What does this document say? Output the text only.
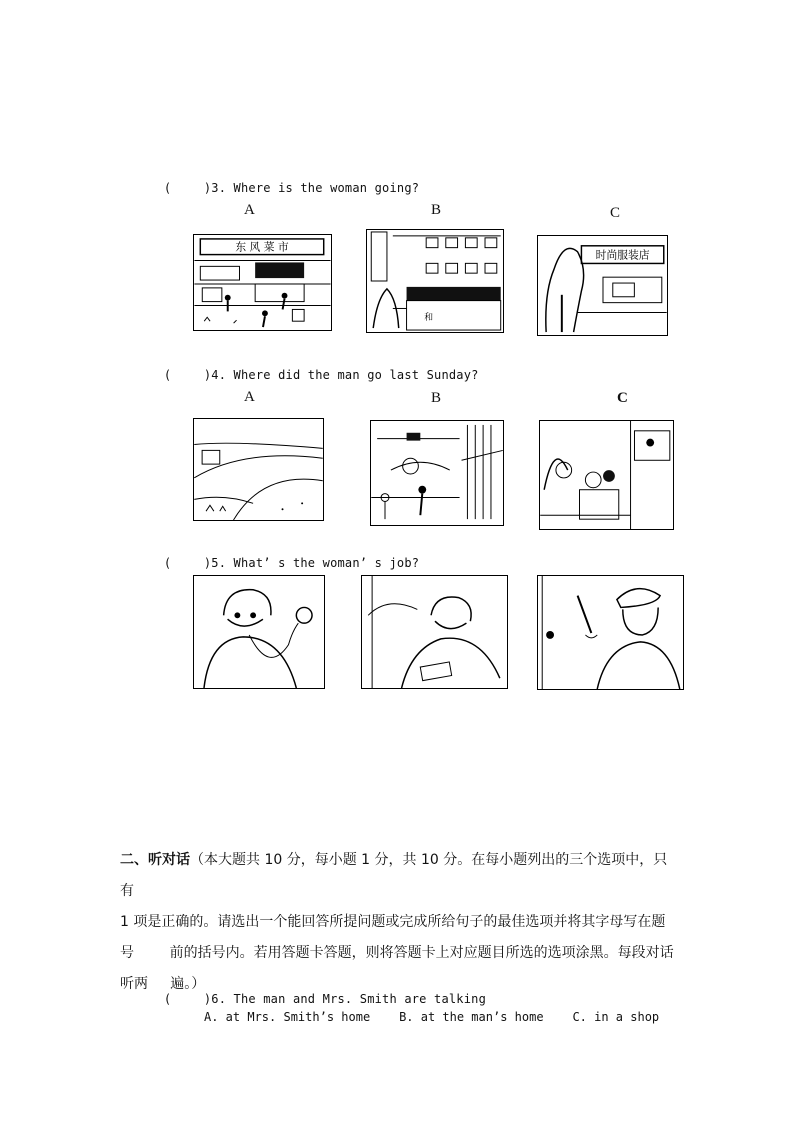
(	)3. Where is the woman going?

A	B	C
东 风 菜 市
和
时尚服装店

(	)4. Where did the man go last Sunday?

A	B	C

(	)5. What’ s the woman’ s job?

二、听对话（本大题共 10 分，每小题 1 分，共 10 分。在每小题列出的三个选项中，只有
1 项是正确的。请选出一个能回答所提问题或完成所给句子的最佳选项并将其字母写在题
号        前的括号内。若用答题卡答题，则将答题卡上对应题目所选的选项涂黑。每段对话
听两     遍。）

(	)6. The man and Mrs. Smith are talking

A. at Mrs. Smith’s home    B. at the man’s home    C. in a shop
